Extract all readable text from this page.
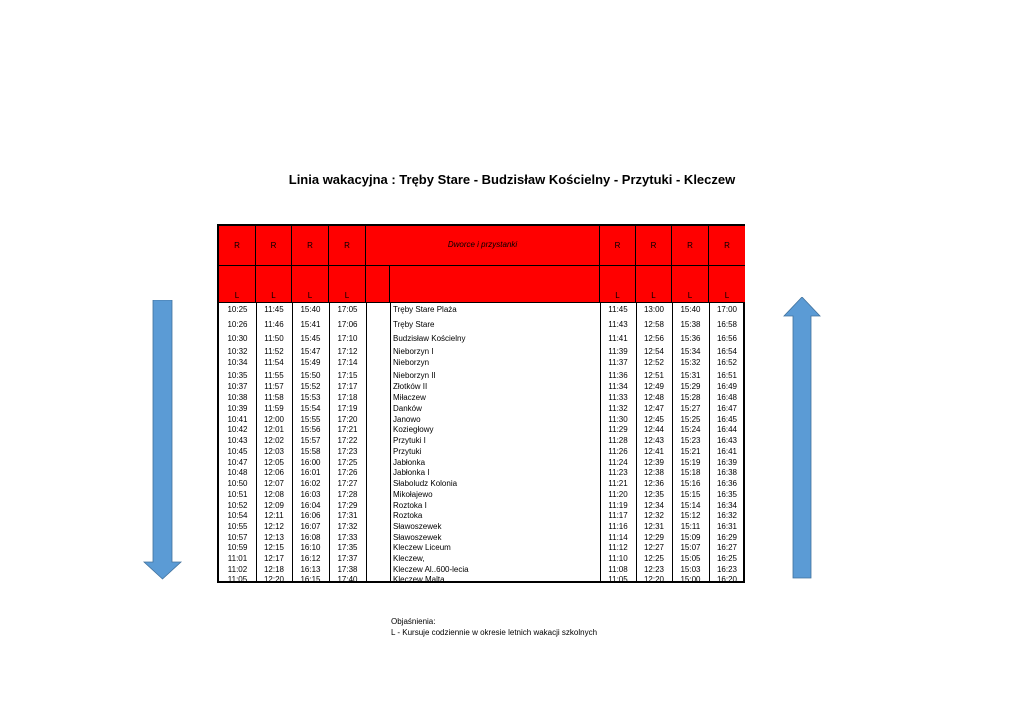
Linia wakacyjna : Tręby Stare - Budzisław Kościelny - Przytuki - Kleczew
R	R	R	R	Dworce i przystanki	R	R	R	R
L	L	L	L	L	L	L	L
10:25	11:45	15:40	17:05	Tręby Stare Plaża	11:45	13:00	15:40	17:00
10:26	11:46	15:41	17:06	Tręby Stare	11:43	12:58	15:38	16:58
10:30	11:50	15:45	17:10	Budzisław Kościelny	11:41	12:56	15:36	16:56
10:32	11:52	15:47	17:12	Nieborzyn I	11:39	12:54	15:34	16:54
10:34	11:54	15:49	17:14	Nieborzyn	11:37	12:52	15:32	16:52
10:35	11:55	15:50	17:15	Nieborzyn II	11:36	12:51	15:31	16:51
10:37	11:57	15:52	17:17	Złotków II	11:34	12:49	15:29	16:49
10:38	11:58	15:53	17:18	Miłaczew	11:33	12:48	15:28	16:48
10:39	11:59	15:54	17:19	Danków	11:32	12:47	15:27	16:47
10:41	12:00	15:55	17:20	Janowo	11:30	12:45	15:25	16:45
10:42	12:01	15:56	17:21	Koziegłowy	11:29	12:44	15:24	16:44
10:43	12:02	15:57	17:22	Przytuki I	11:28	12:43	15:23	16:43
10:45	12:03	15:58	17:23	Przytuki	11:26	12:41	15:21	16:41
10:47	12:05	16:00	17:25	Jabłonka	11:24	12:39	15:19	16:39
10:48	12:06	16:01	17:26	Jabłonka I	11:23	12:38	15:18	16:38
10:50	12:07	16:02	17:27	Słaboludz Kolonia	11:21	12:36	15:16	16:36
10:51	12:08	16:03	17:28	Mikołajewo	11:20	12:35	15:15	16:35
10:52	12:09	16:04	17:29	Roztoka I	11:19	12:34	15:14	16:34
10:54	12:11	16:06	17:31	Roztoka	11:17	12:32	15:12	16:32
10:55	12:12	16:07	17:32	Sławoszewek	11:16	12:31	15:11	16:31
10:57	12:13	16:08	17:33	Sławoszewek	11:14	12:29	15:09	16:29
10:59	12:15	16:10	17:35	Kleczew Liceum	11:12	12:27	15:07	16:27
11:01	12:17	16:12	17:37	Kleczew,	11:10	12:25	15:05	16:25
11:02	12:18	16:13	17:38	Kleczew Al..600-lecia	11:08	12:23	15:03	16:23
11:05	12:20	16:15	17:40	Kleczew Malta	11:05	12:20	15:00	16:20
Objaśnienia:
L - Kursuje codziennie w okresie letnich wakacji szkolnych
